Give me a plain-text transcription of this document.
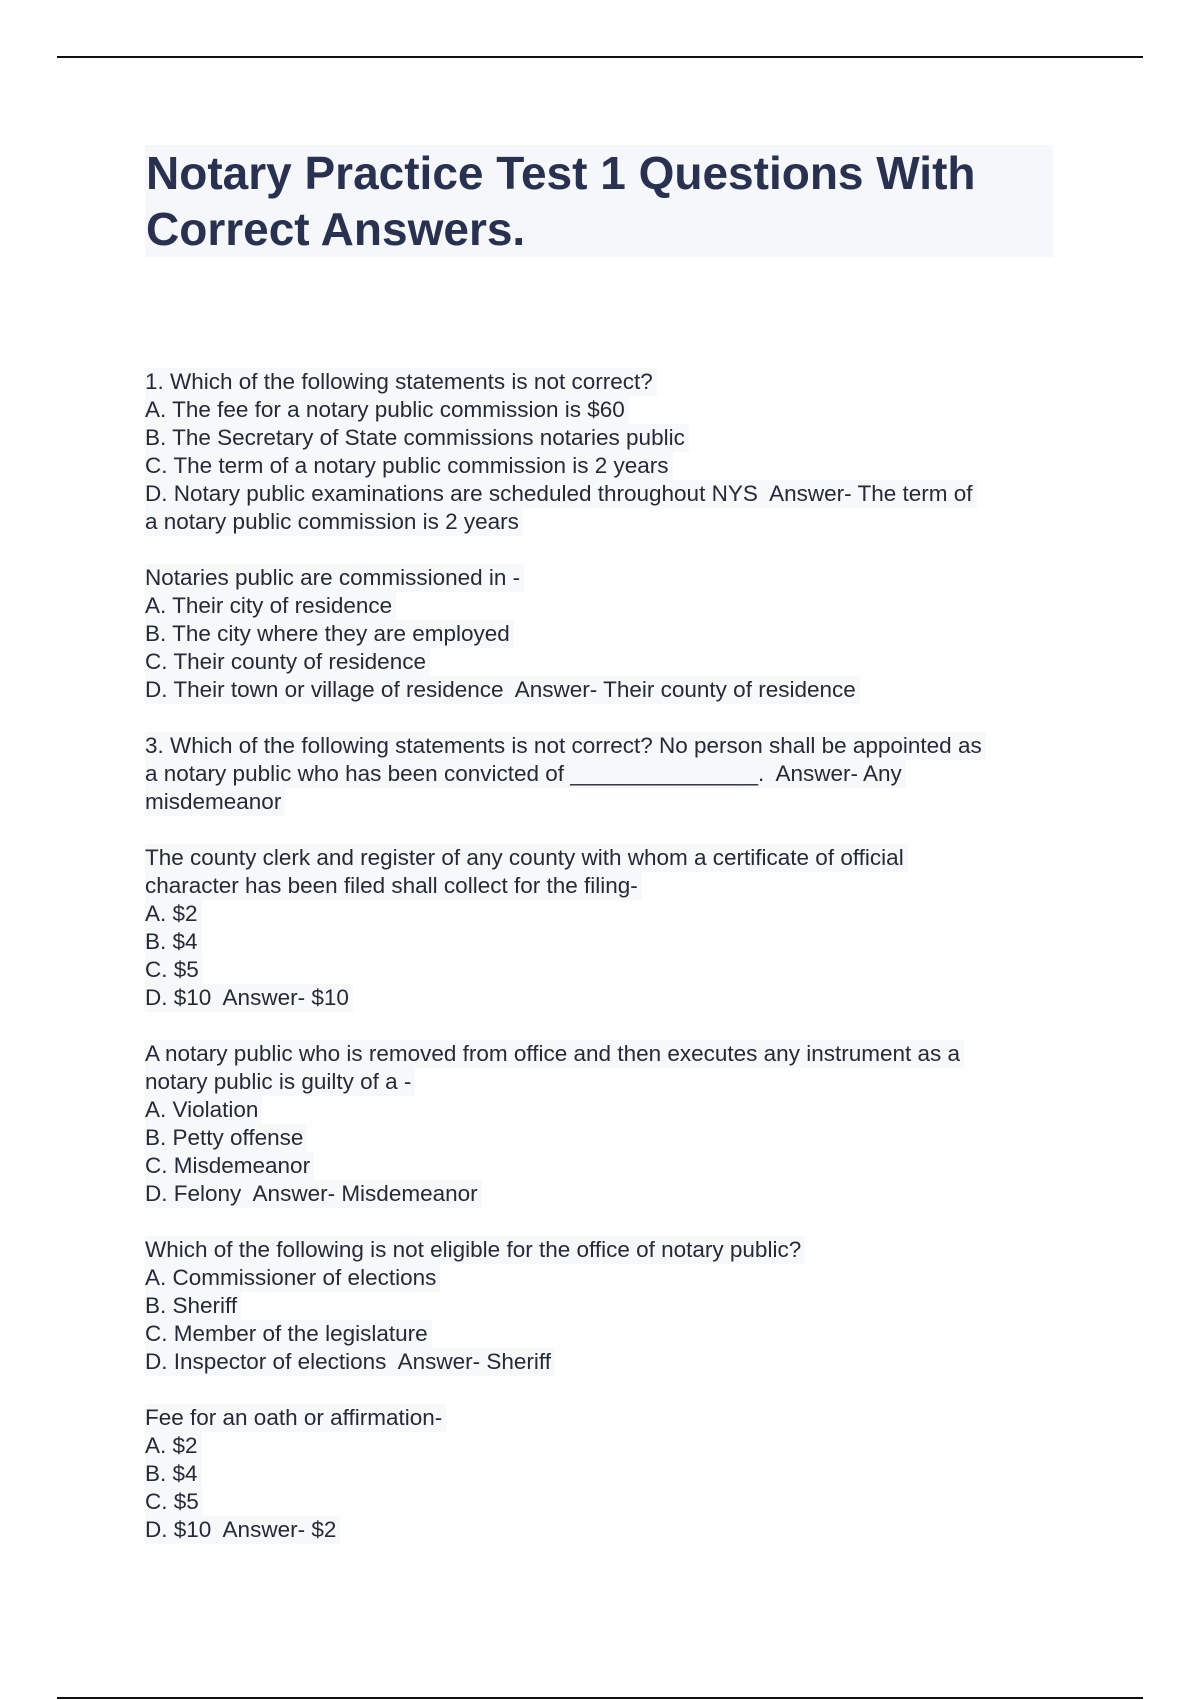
Notary Practice Test 1 Questions With Correct Answers.
1. Which of the following statements is not correct?
A. The fee for a notary public commission is $60
B. The Secretary of State commissions notaries public
C. The term of a notary public commission is 2 years
D. Notary public examinations are scheduled throughout NYS  Answer- The term of
a notary public commission is 2 years
Notaries public are commissioned in -
A. Their city of residence
B. The city where they are employed
C. Their county of residence
D. Their town or village of residence  Answer- Their county of residence
3. Which of the following statements is not correct? No person shall be appointed as
a notary public who has been convicted of _______________.  Answer- Any
misdemeanor
The county clerk and register of any county with whom a certificate of official
character has been filed shall collect for the filing-
A. $2
B. $4
C. $5
D. $10  Answer- $10
A notary public who is removed from office and then executes any instrument as a
notary public is guilty of a -
A. Violation
B. Petty offense
C. Misdemeanor
D. Felony  Answer- Misdemeanor
Which of the following is not eligible for the office of notary public?
A. Commissioner of elections
B. Sheriff
C. Member of the legislature
D. Inspector of elections  Answer- Sheriff
Fee for an oath or affirmation-
A. $2
B. $4
C. $5
D. $10  Answer- $2
